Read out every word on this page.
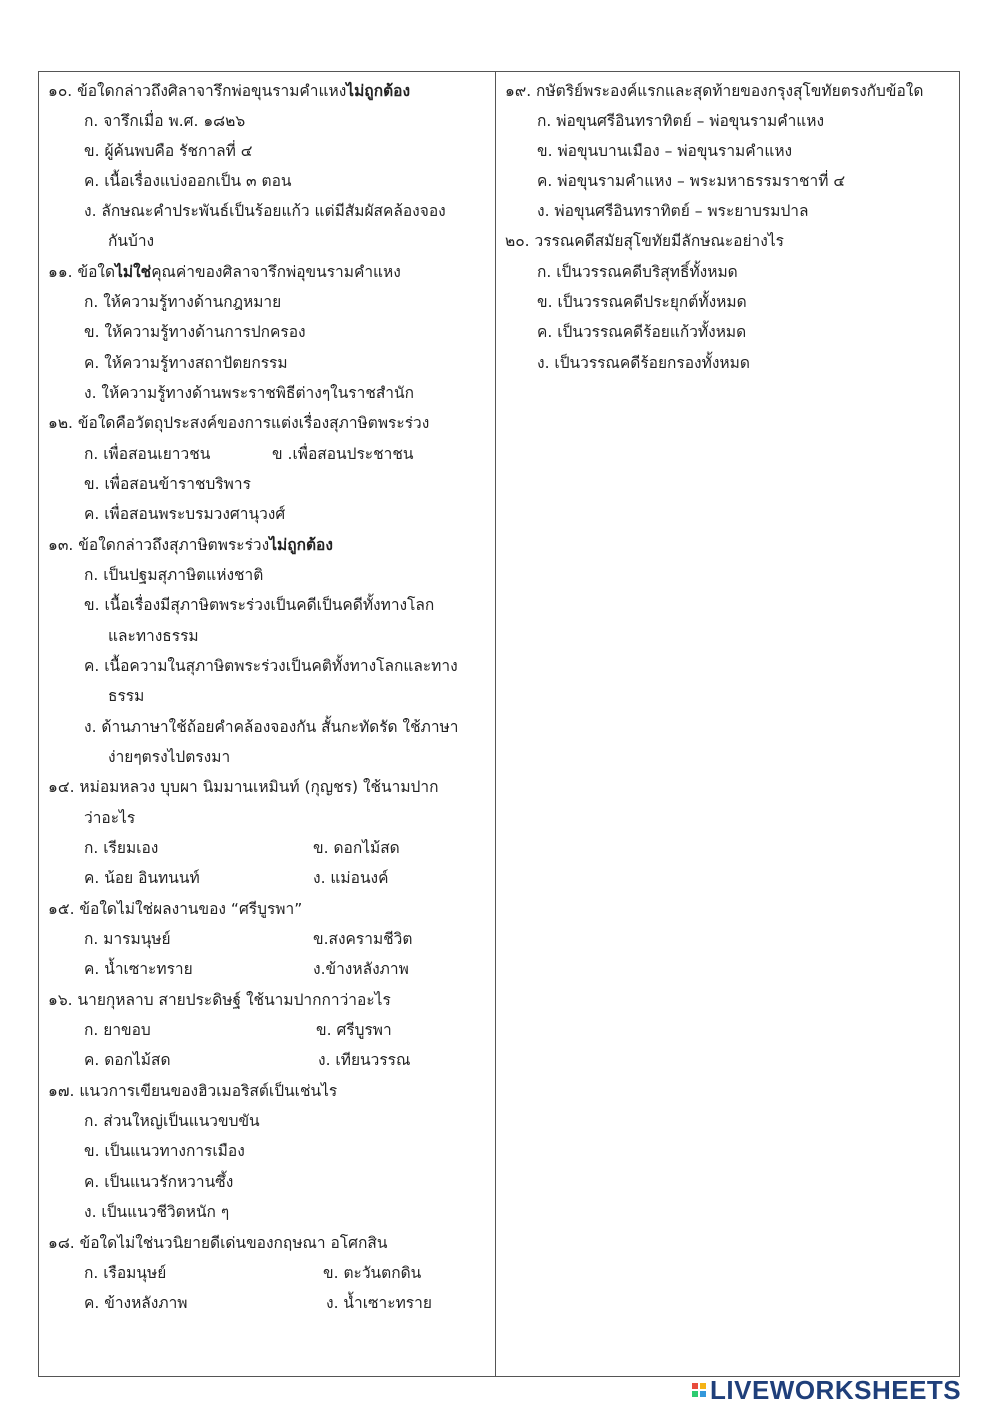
๑๐. ข้อใดกล่าวถึงศิลาจารึกพ่อขุนรามคำแหงไม่ถูกต้อง
ก. จารึกเมื่อ พ.ศ. ๑๘๒๖
ข. ผู้ค้นพบคือ รัชกาลที่ ๔
ค. เนื้อเรื่องแบ่งออกเป็น ๓ ตอน
ง. ลักษณะคำประพันธ์เป็นร้อยแก้ว แต่มีสัมผัสคล้องจอง
กันบ้าง
๑๑. ข้อใดไม่ใช่คุณค่าของศิลาจารึกพ่อุขนรามคำแหง
ก. ให้ความรู้ทางด้านกฎหมาย
ข. ให้ความรู้ทางด้านการปกครอง
ค. ให้ความรู้ทางสถาปัตยกรรม
ง. ให้ความรู้ทางด้านพระราชพิธีต่างๆในราชสำนัก
๑๒. ข้อใดคือวัตถุประสงค์ของการแต่งเรื่องสุภาษิตพระร่วง
ก. เพื่อสอนเยาวชน	ข .เพื่อสอนประชาชน
ข. เพื่อสอนข้าราชบริพาร
ค. เพื่อสอนพระบรมวงศานุวงศ์
๑๓. ข้อใดกล่าวถึงสุภาษิตพระร่วงไม่ถูกต้อง
ก. เป็นปฐมสุภาษิตแห่งชาติ
ข. เนื้อเรื่องมีสุภาษิตพระร่วงเป็นคดีเป็นคดีทั้งทางโลก
และทางธรรม
ค. เนื้อความในสุภาษิตพระร่วงเป็นคติทั้งทางโลกและทาง
ธรรม
ง. ด้านภาษาใช้ถ้อยคำคล้องจองกัน สั้นกะทัดรัด ใช้ภาษา
ง่ายๆตรงไปตรงมา
๑๔. หม่อมหลวง บุบผา นิมมานเหมินท์ (กุญชร) ใช้นามปาก
ว่าอะไร
ก. เรียมเอง	ข. ดอกไม้สด
ค. น้อย อินทนนท์	ง. แม่อนงค์
๑๕. ข้อใดไม่ใช่ผลงานของ “ศรีบูรพา”
ก. มารมนุษย์	ข.สงครามชีวิต
ค. น้ำเซาะทราย	ง.ข้างหลังภาพ
๑๖. นายกุหลาบ สายประดิษฐ์ ใช้นามปากกาว่าอะไร
ก. ยาขอบ	ข. ศรีบูรพา
ค. ดอกไม้สด	ง. เทียนวรรณ
๑๗. แนวการเขียนของฮิวเมอริสต์เป็นเช่นไร
ก. ส่วนใหญ่เป็นแนวขบขัน
ข. เป็นแนวทางการเมือง
ค. เป็นแนวรักหวานซึ้ง
ง. เป็นแนวชีวิตหนัก ๆ
๑๘. ข้อใดไม่ใช่นวนิยายดีเด่นของกฤษณา อโศกสิน
ก. เรือมนุษย์	ข. ตะวันตกดิน
ค. ข้างหลังภาพ	ง. น้ำเซาะทราย
๑๙. กษัตริย์พระองค์แรกและสุดท้ายของกรุงสุโขทัยตรงกับข้อใด
ก. พ่อขุนศรีอินทราทิตย์ – พ่อขุนรามคำแหง
ข. พ่อขุนบานเมือง – พ่อขุนรามคำแหง
ค. พ่อขุนรามคำแหง – พระมหาธรรมราชาที่ ๔
ง. พ่อขุนศรีอินทราทิตย์ – พระยาบรมปาล
๒๐. วรรณคดีสมัยสุโขทัยมีลักษณะอย่างไร
ก. เป็นวรรณคดีบริสุทธิ์ทั้งหมด
ข. เป็นวรรณคดีประยุกต์ทั้งหมด
ค. เป็นวรรณคดีร้อยแก้วทั้งหมด
ง. เป็นวรรณคดีร้อยกรองทั้งหมด
LIVEWORKSHEETS
